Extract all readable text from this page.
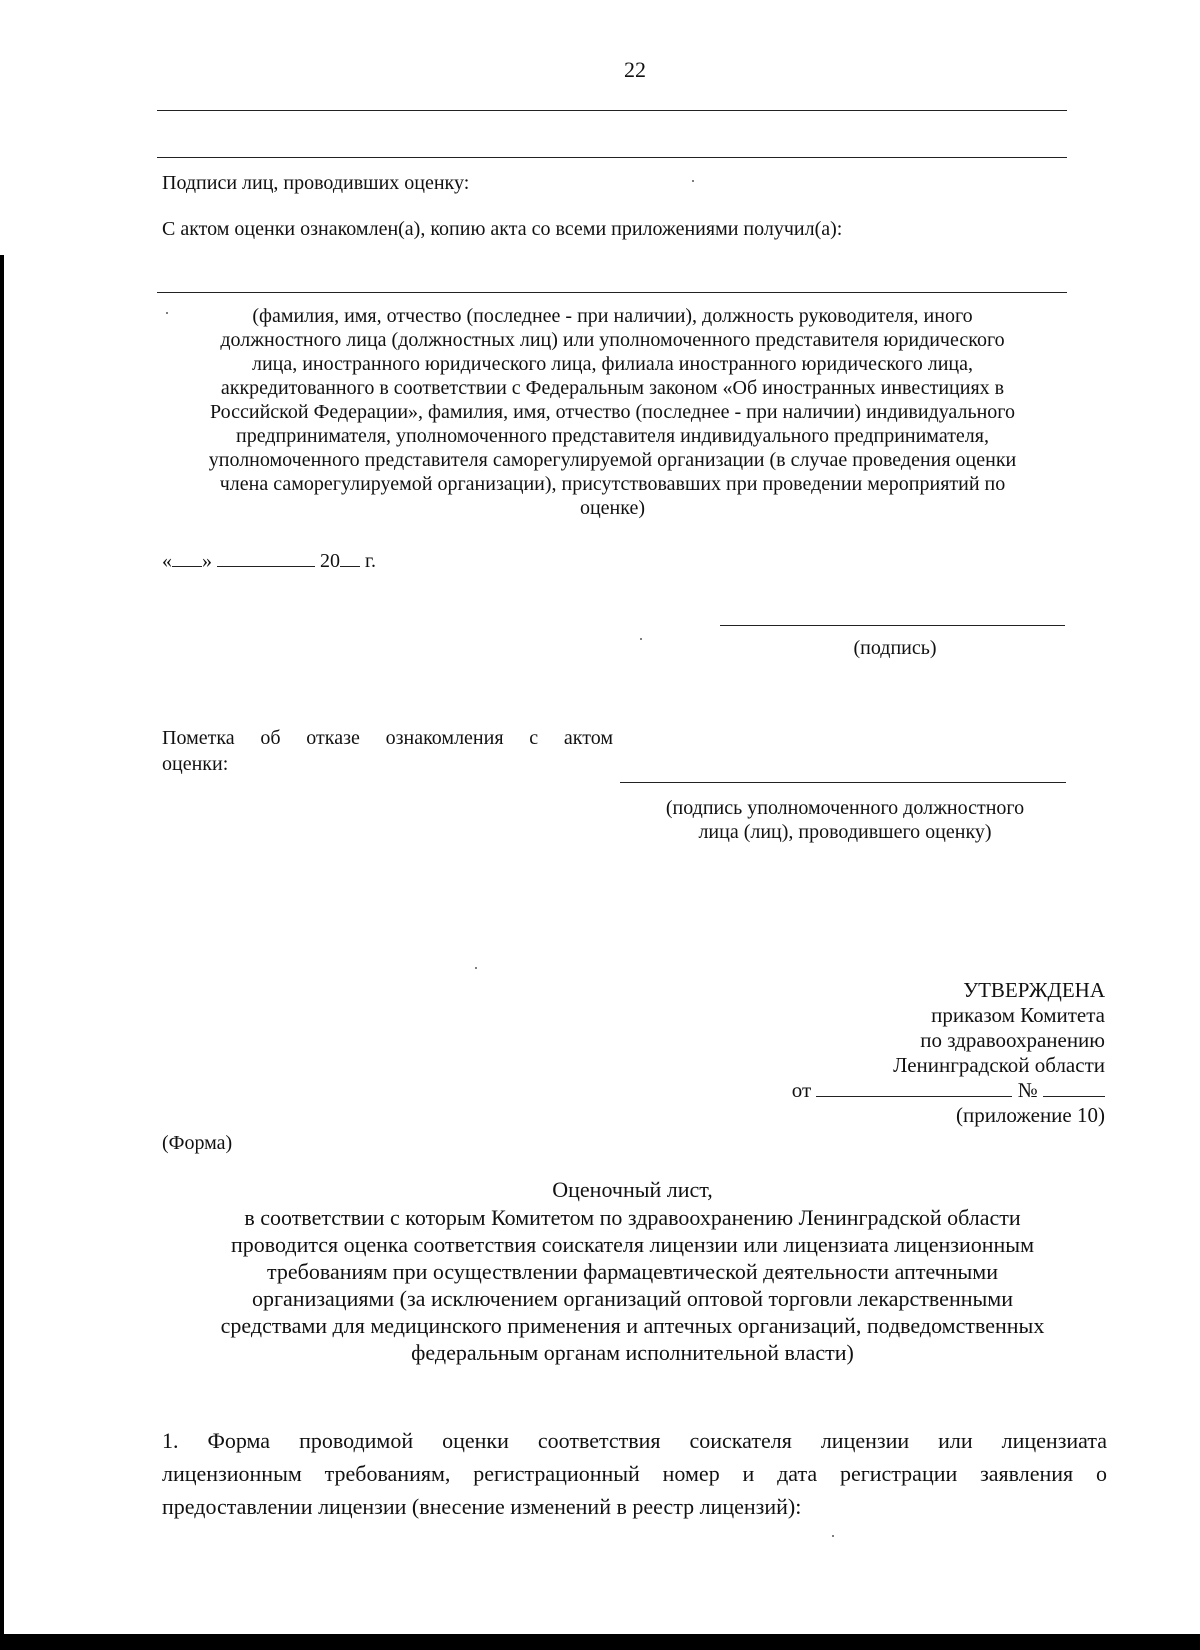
22
Подписи лиц, проводивших оценку:
С актом оценки ознакомлен(а), копию акта со всеми приложениями получил(а):
(фамилия, имя, отчество (последнее - при наличии), должность руководителя, иного
должностного лица (должностных лиц) или уполномоченного представителя юридического
лица, иностранного юридического лица, филиала иностранного юридического лица,
аккредитованного в соответствии с Федеральным законом «Об иностранных инвестициях в
Российской Федерации», фамилия, имя, отчество (последнее - при наличии) индивидуального
предпринимателя, уполномоченного представителя индивидуального предпринимателя,
уполномоченного представителя саморегулируемой организации (в случае проведения оценки
члена саморегулируемой организации), присутствовавших при проведении мероприятий по
оценке)
« »	20 г.
(подпись)
Пометка об отказе ознакомления с актом
оценки:
(подпись уполномоченного должностного
лица (лиц), проводившего оценку)
УТВЕРЖДЕНА
приказом Комитета
по здравоохранению
Ленинградской области
от	№
(приложение 10)
(Форма)
Оценочный лист,
в соответствии с которым Комитетом по здравоохранению Ленинградской области
проводится оценка соответствия соискателя лицензии или лицензиата лицензионным
требованиям при осуществлении фармацевтической деятельности аптечными
организациями (за исключением организаций оптовой торговли лекарственными
средствами для медицинского применения и аптечных организаций, подведомственных
федеральным органам исполнительной власти)
1. Форма проводимой оценки соответствия соискателя лицензии или лицензиата
лицензионным требованиям, регистрационный номер и дата регистрации заявления о
предоставлении лицензии (внесение изменений в реестр лицензий):
